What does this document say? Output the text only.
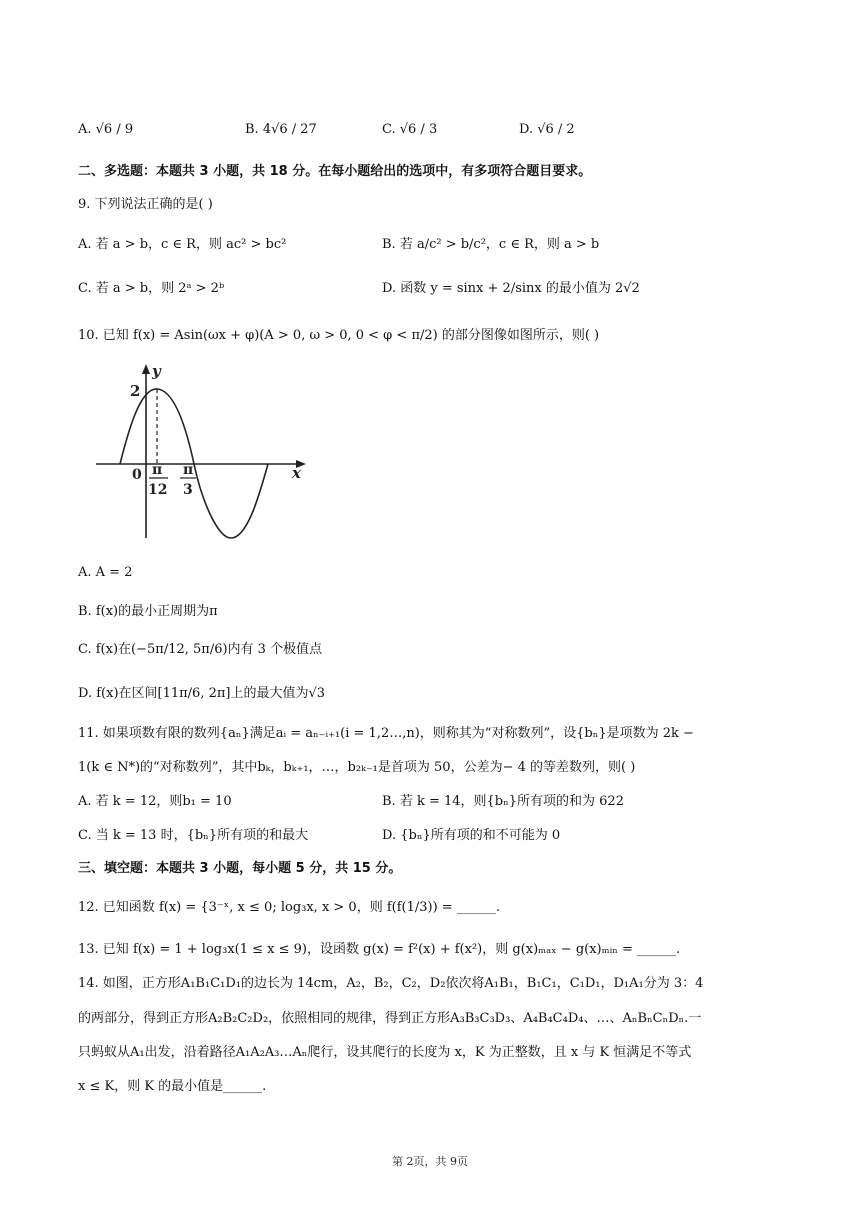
A. √6 / 9	B. 4√6 / 27	C. √6 / 3	D. √6 / 2
二、多选题：本题共 3 小题，共 18 分。在每小题给出的选项中，有多项符合题目要求。
9. 下列说法正确的是( )
A. 若 a > b，c ∈ R，则 ac² > bc²	B. 若 a/c² > b/c²，c ∈ R，则 a > b
C. 若 a > b，则 2ᵃ > 2ᵇ	D. 函数 y = sinx + 2/sinx 的最小值为 2√2
10. 已知 f(x) = Asin(ωx + φ)(A > 0, ω > 0, 0 < φ < π/2) 的部分图像如图所示，则( )
y
x
2
0 π
12
π
3
A. A = 2
B. f(x)的最小正周期为π
C. f(x)在(−5π/12, 5π/6)内有 3 个极值点
D. f(x)在区间[11π/6, 2π]上的最大值为√3
11. 如果项数有限的数列{aₙ}满足aᵢ = aₙ₋ᵢ₊₁(i = 1,2…,n)，则称其为“对称数列”，设{bₙ}是项数为 2k −
1(k ∈ N*)的“对称数列”，其中bₖ，bₖ₊₁，…，b₂ₖ₋₁是首项为 50，公差为− 4 的等差数列，则( )
A. 若 k = 12，则b₁ = 10	B. 若 k = 14，则{bₙ}所有项的和为 622
C. 当 k = 13 时，{bₙ}所有项的和最大	D. {bₙ}所有项的和不可能为 0
三、填空题：本题共 3 小题，每小题 5 分，共 15 分。
12. 已知函数 f(x) = {3⁻ˣ, x ≤ 0; log₃x, x > 0，则 f(f(1/3)) = ______.
13. 已知 f(x) = 1 + log₃x(1 ≤ x ≤ 9)，设函数 g(x) = f²(x) + f(x²)，则 g(x)ₘₐₓ − g(x)ₘᵢₙ = ______.
14. 如图，正方形A₁B₁C₁D₁的边长为 14cm，A₂，B₂，C₂，D₂依次将A₁B₁，B₁C₁，C₁D₁，D₁A₁分为 3：4
的两部分，得到正方形A₂B₂C₂D₂，依照相同的规律，得到正方形A₃B₃C₃D₃、A₄B₄C₄D₄、…、AₙBₙCₙDₙ.一
只蚂蚁从A₁出发，沿着路径A₁A₂A₃…Aₙ爬行，设其爬行的长度为 x，K 为正整数，且 x 与 K 恒满足不等式
x ≤ K，则 K 的最小值是______.
第 2页，共 9页
